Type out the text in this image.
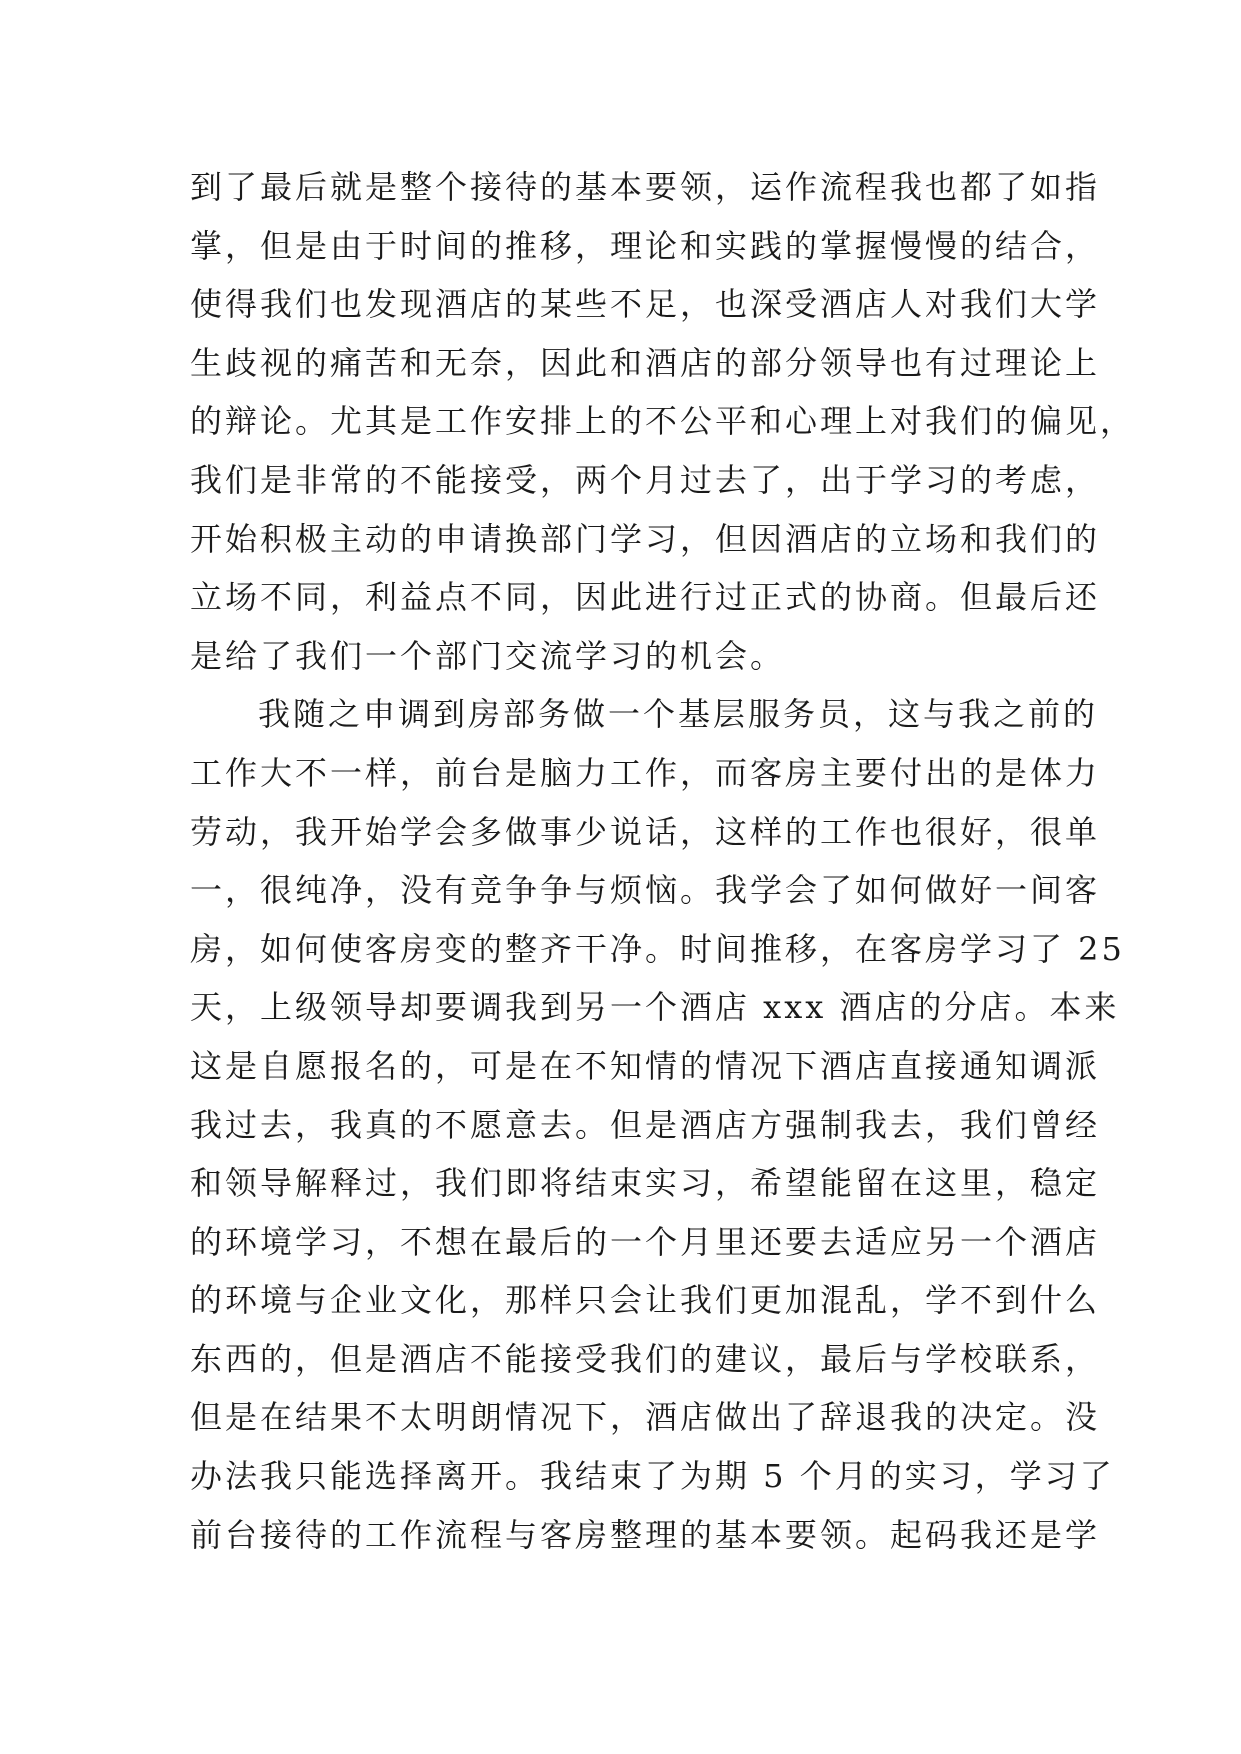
到了最后就是整个接待的基本要领，运作流程我也都了如指
掌，但是由于时间的推移，理论和实践的掌握慢慢的结合，
使得我们也发现酒店的某些不足，也深受酒店人对我们大学
生歧视的痛苦和无奈，因此和酒店的部分领导也有过理论上
的辩论。尤其是工作安排上的不公平和心理上对我们的偏见，
我们是非常的不能接受，两个月过去了，出于学习的考虑，
开始积极主动的申请换部门学习，但因酒店的立场和我们的
立场不同，利益点不同，因此进行过正式的协商。但最后还
是给了我们一个部门交流学习的机会。
我随之申调到房部务做一个基层服务员，这与我之前的
工作大不一样，前台是脑力工作，而客房主要付出的是体力
劳动，我开始学会多做事少说话，这样的工作也很好，很单
一，很纯净，没有竞争争与烦恼。我学会了如何做好一间客
房，如何使客房变的整齐干净。时间推移，在客房学习了 25
天，上级领导却要调我到另一个酒店 xxx 酒店的分店。本来
这是自愿报名的，可是在不知情的情况下酒店直接通知调派
我过去，我真的不愿意去。但是酒店方强制我去，我们曾经
和领导解释过，我们即将结束实习，希望能留在这里，稳定
的环境学习，不想在最后的一个月里还要去适应另一个酒店
的环境与企业文化，那样只会让我们更加混乱，学不到什么
东西的，但是酒店不能接受我们的建议，最后与学校联系，
但是在结果不太明朗情况下，酒店做出了辞退我的决定。没
办法我只能选择离开。我结束了为期 5 个月的实习，学习了
前台接待的工作流程与客房整理的基本要领。起码我还是学
